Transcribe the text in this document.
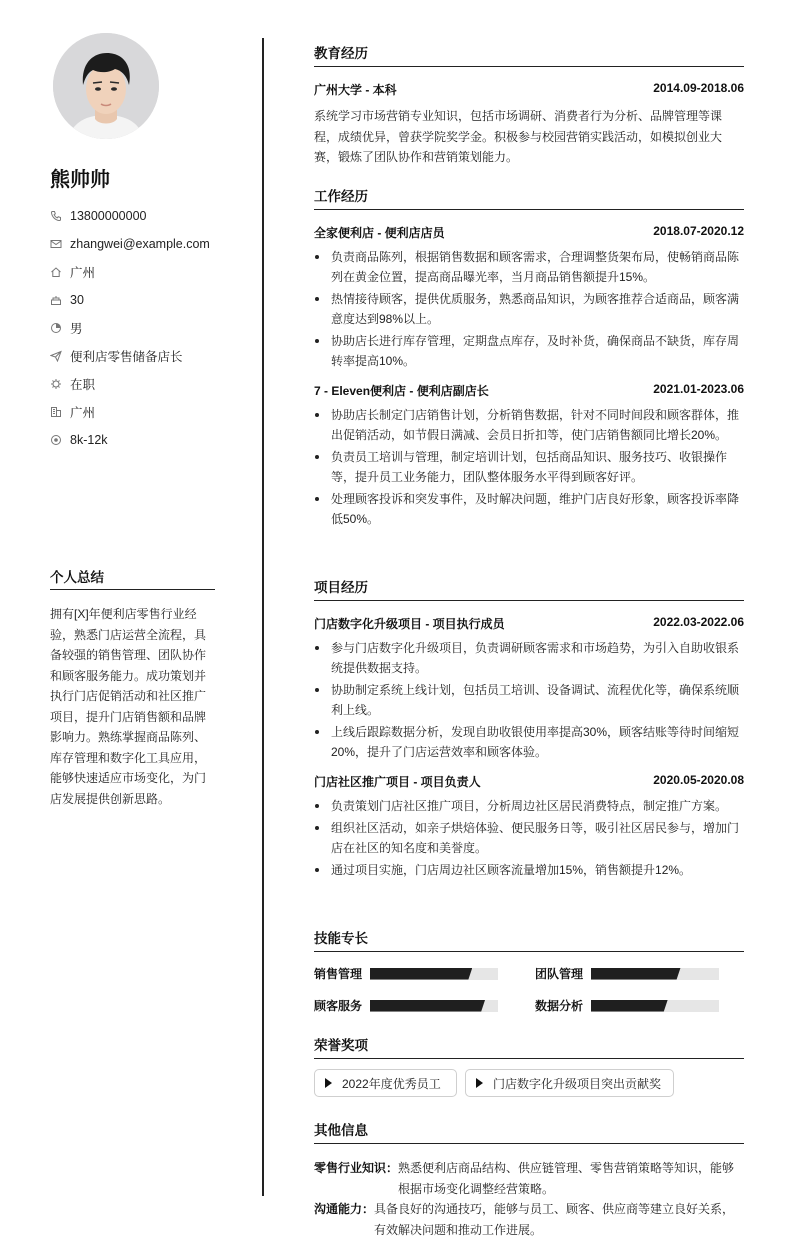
熊帅帅
13800000000
zhangwei@example.com
广州
30
男
便利店零售储备店长
在职
广州
8k-12k
个人总结
拥有[X]年便利店零售行业经验，熟悉门店运营全流程，具备较强的销售管理、团队协作和顾客服务能力。成功策划并执行门店促销活动和社区推广项目，提升门店销售额和品牌影响力。熟练掌握商品陈列、库存管理和数字化工具应用，能够快速适应市场变化，为门店发展提供创新思路。
教育经历
广州大学 - 本科	2014.09-2018.06
系统学习市场营销专业知识，包括市场调研、消费者行为分析、品牌管理等课程，成绩优异，曾获学院奖学金。积极参与校园营销实践活动，如模拟创业大赛，锻炼了团队协作和营销策划能力。
工作经历
全家便利店 - 便利店店员	2018.07-2020.12
负责商品陈列，根据销售数据和顾客需求，合理调整货架布局，使畅销商品陈列在黄金位置，提高商品曝光率，当月商品销售额提升15%。
热情接待顾客，提供优质服务，熟悉商品知识，为顾客推荐合适商品，顾客满意度达到98%以上。
协助店长进行库存管理，定期盘点库存，及时补货，确保商品不缺货，库存周转率提高10%。
7 - Eleven便利店 - 便利店副店长	2021.01-2023.06
协助店长制定门店销售计划，分析销售数据，针对不同时间段和顾客群体，推出促销活动，如节假日满减、会员日折扣等，使门店销售额同比增长20%。
负责员工培训与管理，制定培训计划，包括商品知识、服务技巧、收银操作等，提升员工业务能力，团队整体服务水平得到顾客好评。
处理顾客投诉和突发事件，及时解决问题，维护门店良好形象，顾客投诉率降低50%。
项目经历
门店数字化升级项目 - 项目执行成员	2022.03-2022.06
参与门店数字化升级项目，负责调研顾客需求和市场趋势，为引入自助收银系统提供数据支持。
协助制定系统上线计划，包括员工培训、设备调试、流程优化等，确保系统顺利上线。
上线后跟踪数据分析，发现自助收银使用率提高30%，顾客结账等待时间缩短20%，提升了门店运营效率和顾客体验。
门店社区推广项目 - 项目负责人	2020.05-2020.08
负责策划门店社区推广项目，分析周边社区居民消费特点，制定推广方案。
组织社区活动，如亲子烘焙体验、便民服务日等，吸引社区居民参与，增加门店在社区的知名度和美誉度。
通过项目实施，门店周边社区顾客流量增加15%，销售额提升12%。
技能专长
销售管理	团队管理
顾客服务	数据分析
荣誉奖项
2022年度优秀员工	门店数字化升级项目突出贡献奖
其他信息
零售行业知识： 熟悉便利店商品结构、供应链管理、零售营销策略等知识，能够根据市场变化调整经营策略。
沟通能力： 具备良好的沟通技巧，能够与员工、顾客、供应商等建立良好关系，有效解决问题和推动工作进展。
